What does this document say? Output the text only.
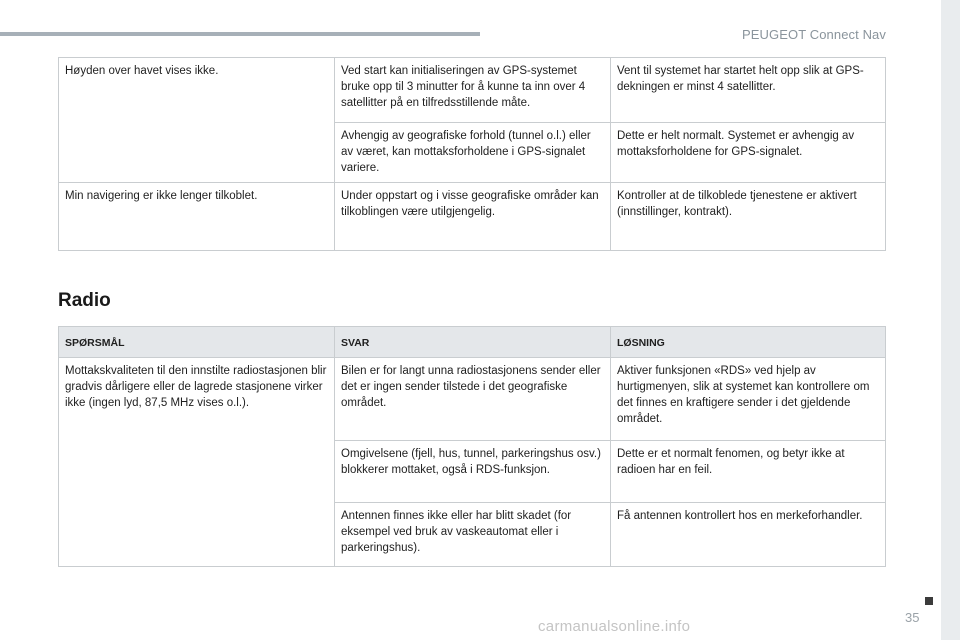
PEUGEOT Connect Nav
Høyden over havet vises ikke.	Ved start kan initialiseringen av GPS-systemet bruke opp til 3 minutter for å kunne ta inn over 4 satellitter på en tilfredsstillende måte.	Vent til systemet har startet helt opp slik at GPS-dekningen er minst 4 satellitter.
	Avhengig av geografiske forhold (tunnel o.l.) eller av været, kan mottaksforholdene i GPS-signalet variere.	Dette er helt normalt. Systemet er avhengig av mottaksforholdene for GPS-signalet.
Min navigering er ikke lenger tilkoblet.	Under oppstart og i visse geografiske områder kan tilkoblingen være utilgjengelig.	Kontroller at de tilkoblede tjenestene er aktivert (innstillinger, kontrakt).
Radio
SPØRSMÅL	SVAR	LØSNING
Mottakskvaliteten til den innstilte radiostasjonen blir gradvis dårligere eller de lagrede stasjonene virker ikke (ingen lyd, 87,5 MHz vises o.l.).	Bilen er for langt unna radiostasjonens sender eller det er ingen sender tilstede i det geografiske området.	Aktiver funksjonen «RDS» ved hjelp av hurtigmenyen, slik at systemet kan kontrollere om det finnes en kraftigere sender i det gjeldende området.
	Omgivelsene (fjell, hus, tunnel, parkeringshus osv.) blokkerer mottaket, også i RDS-funksjon.	Dette er et normalt fenomen, og betyr ikke at radioen har en feil.
	Antennen finnes ikke eller har blitt skadet (for eksempel ved bruk av vaskeautomat eller i parkeringshus).	Få antennen kontrollert hos en merkeforhandler.
35
carmanualsonline.info
